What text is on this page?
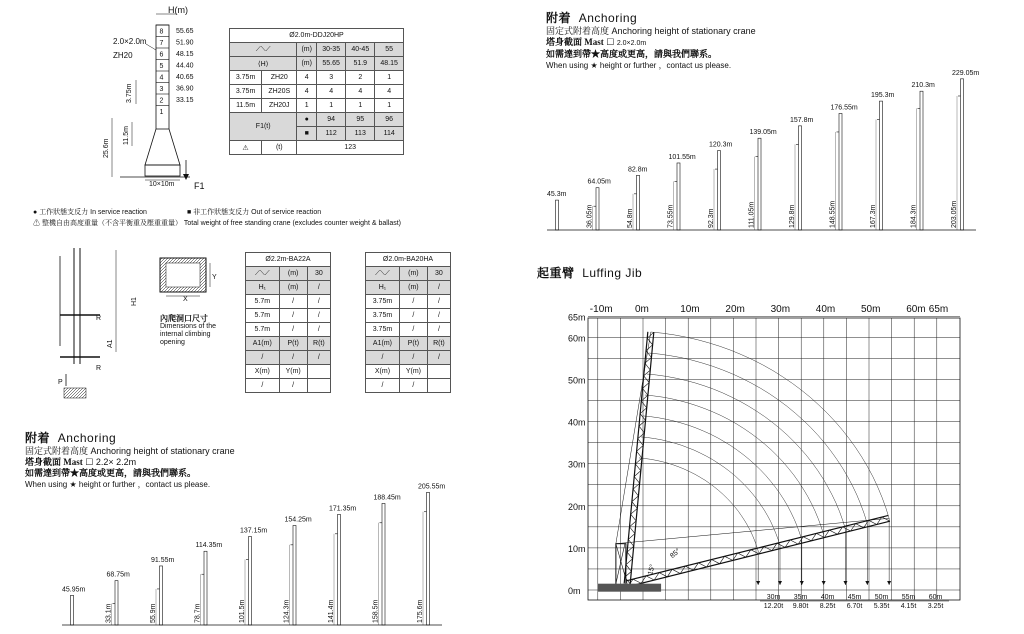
H(m)
8
7
6
5
4
3
2
1
55.65
51.90
48.15
44.40
40.65
36.90
33.15
2.0×2.0m
ZH20
10×10m
3.75m
11.5m
25.6m
F1
Ø2.0m-DDJ20HP					
⟋⟍⟋		(m)	30-35	40-45	55
⟨H⟩		(m)	55.65	51.9	48.15
3.75m	ZH20	4	3	2	1
3.75m	ZH20S	4	4	4	4
11.5m	ZH20J	1	1	1	1
F1(t)		●	94	95	96
		■	112	113	114
⚠	(t)	123			
● 工作狀態支反力 In service reaction	■ 非工作狀態支反力 Out of service reaction
⚠ 整機自由高度重量（不含平衡重及壓重重量） Total weight of free standing crane (excludes counter weight & ballast)
R
R
H1
A1
P
X
Y
內爬洞口尺寸
Dimensions of the internal climbing opening
Ø2.2m-BA22A		
⟋⟍⟋	(m)	30
H₁	(m)	/
5.7m	/	/
5.7m	/	/
5.7m	/	/
A1(m)	P(t)	R(t)
/	/	/
X(m)	Y(m)	
/	/	
Ø2.0m-BA20HA		
⟋⟍⟋	(m)	30
H₁	(m)	/
3.75m	/	/
3.75m	/	/
3.75m	/	/
A1(m)	P(t)	R(t)
/	/	/
X(m)	Y(m)	
/	/	
附着 Anchoring
固定式附着高度 Anchoring height of stationary crane
塔身截面 Mast ☐ 2.2× 2.2m
如需達到帶★高度或更高，請與我們聯系。
When using ★ height or further ，contact us please.
45.95m
68.75m
33.1m
91.55m
55.9m
114.35m
78.7m
137.15m
101.5m
154.25m
124.3m
171.35m
141.4m
188.45m
158.5m
205.55m
175.6m
附着 Anchoring
固定式附着高度 Anchoring height of stationary crane
塔身截面 Mast ☐ 2.0×2.0m
如需達到帶★高度或更高，請與我們聯系。
When using ★ height or further ，contact us please.
45.3m
64.05m
36.05m
82.8m
54.8m
101.55m
73.55m
120.3m
92.3m
139.05m
111.05m
157.8m
129.8m
176.55m
148.55m
195.3m
167.3m
210.3m
184.3m
229.05m
203.05m
起重臂 Luffing Jib
-10m 0m	10m	20m	30m	40m	50m	60m 65m
65m
60m
50m
40m
30m
20m
10m
0m
15°
85°
30m
12.20t
35m
9.80t
40m
8.25t
45m
6.70t
50m
5.35t
55m
4.15t
60m
3.25t
